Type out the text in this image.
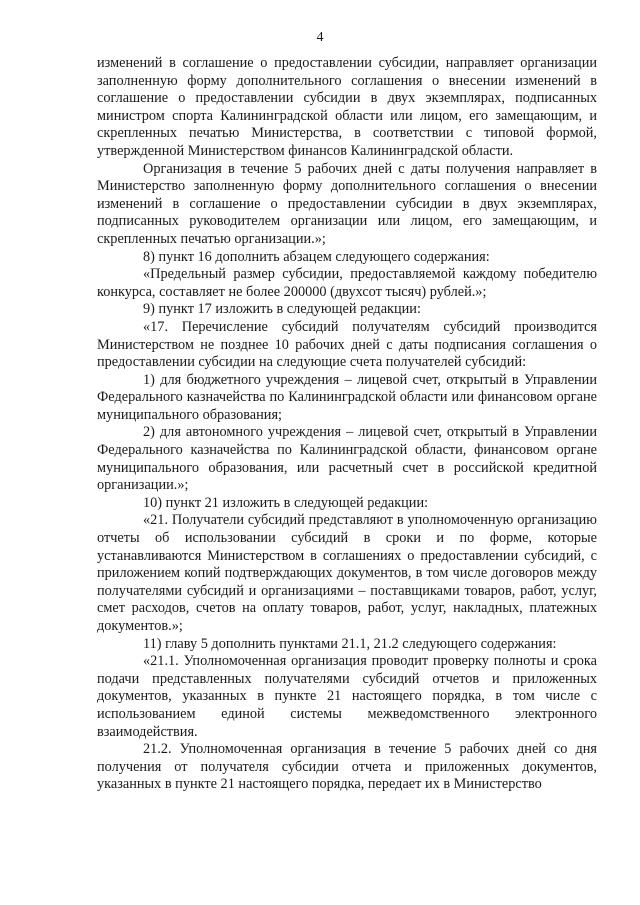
4

изменений в соглашение о предоставлении субсидии, направляет организации заполненную форму дополнительного соглашения о внесении изменений в соглашение о предоставлении субсидии в двух экземплярах, подписанных министром спорта Калининградской области или лицом, его замещающим, и скрепленных печатью Министерства, в соответствии с типовой формой, утвержденной Министерством финансов Калининградской области.

Организация в течение 5 рабочих дней с даты получения направляет в Министерство заполненную форму дополнительного соглашения о внесении изменений в соглашение о предоставлении субсидии в двух экземплярах, подписанных руководителем организации или лицом, его замещающим, и скрепленных печатью организации.»;

8) пункт 16 дополнить абзацем следующего содержания:

«Предельный размер субсидии, предоставляемой каждому победителю конкурса, составляет не более 200000 (двухсот тысяч) рублей.»;

9) пункт 17 изложить в следующей редакции:

«17. Перечисление субсидий получателям субсидий производится Министерством не позднее 10 рабочих дней с даты подписания соглашения о предоставлении субсидии на следующие счета получателей субсидий:

1) для бюджетного учреждения – лицевой счет, открытый в Управлении Федерального казначейства по Калининградской области или финансовом органе муниципального образования;

2) для автономного учреждения – лицевой счет, открытый в Управлении Федерального казначейства по Калининградской области, финансовом органе муниципального образования, или расчетный счет в российской кредитной организации.»;

10) пункт 21 изложить в следующей редакции:

«21. Получатели субсидий представляют в уполномоченную организацию отчеты об использовании субсидий в сроки и по форме, которые устанавливаются Министерством в соглашениях о предоставлении субсидий, с приложением копий подтверждающих документов, в том числе договоров между получателями субсидий и организациями – поставщиками товаров, работ, услуг, смет расходов, счетов на оплату товаров, работ, услуг, накладных, платежных документов.»;

11) главу 5 дополнить пунктами 21.1, 21.2 следующего содержания:

«21.1. Уполномоченная организация проводит проверку полноты и срока подачи представленных получателями субсидий отчетов и приложенных документов, указанных в пункте 21 настоящего порядка, в том числе с использованием единой системы межведомственного электронного взаимодействия.

21.2. Уполномоченная организация в течение 5 рабочих дней со дня получения от получателя субсидии отчета и приложенных документов, указанных в пункте 21 настоящего порядка, передает их в Министерство
